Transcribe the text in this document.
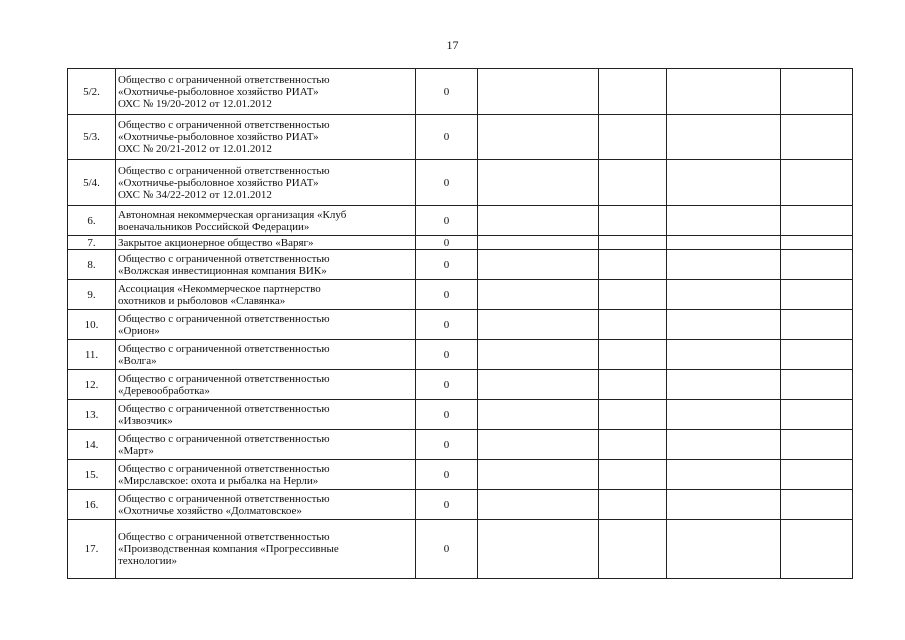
17
5/2.	Общество с ограниченной ответственностью
«Охотничье-рыболовное хозяйство РИАТ»
ОХС № 19/20-2012 от 12.01.2012	0				
5/3.	Общество с ограниченной ответственностью
«Охотничье-рыболовное хозяйство РИАТ»
ОХС № 20/21-2012 от 12.01.2012	0				
5/4.	Общество с ограниченной ответственностью
«Охотничье-рыболовное хозяйство РИАТ»
ОХС № 34/22-2012 от 12.01.2012	0				
6.	Автономная некоммерческая организация «Клуб
военачальников Российской Федерации»	0				
7.	Закрытое акционерное общество «Варяг»	0				
8.	Общество с ограниченной ответственностью
«Волжская инвестиционная компания ВИК»	0				
9.	Ассоциация «Некоммерческое партнерство
охотников и рыболовов «Славянка»	0				
10.	Общество с ограниченной ответственностью
«Орион»	0				
11.	Общество с ограниченной ответственностью
«Волга»	0				
12.	Общество с ограниченной ответственностью
«Деревообработка»	0				
13.	Общество с ограниченной ответственностью
«Извозчик»	0				
14.	Общество с ограниченной ответственностью
«Март»	0				
15.	Общество с ограниченной ответственностью
«Мирславское: охота и рыбалка на Нерли»	0				
16.	Общество с ограниченной ответственностью
«Охотничье хозяйство «Долматовское»	0				
17.	Общество с ограниченной ответственностью
«Производственная компания «Прогрессивные
технологии»	0				
